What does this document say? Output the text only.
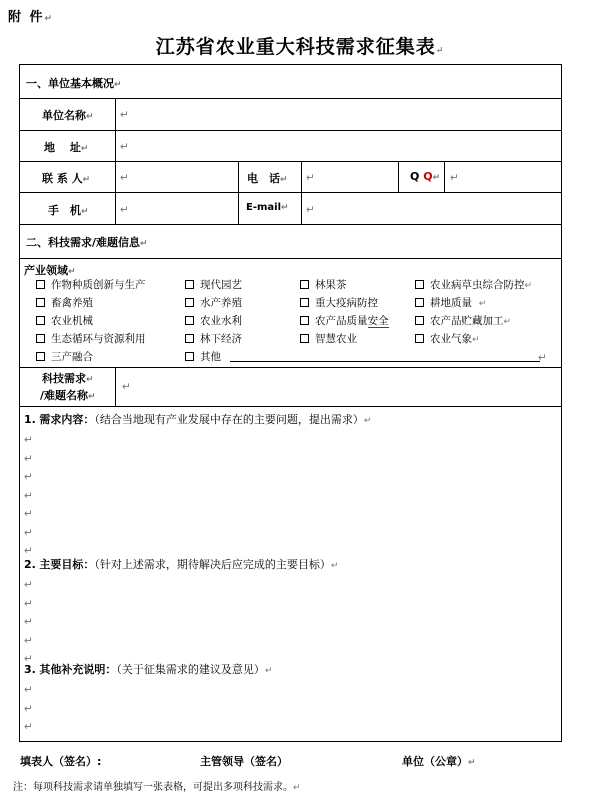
附 件↵
江苏省农业重大科技需求征集表↵
一、单位基本概况↵
单位名称↵	↵
地　 址↵	↵
联 系 人↵	↵	电　话↵ ↵	Q Q↵ ↵
手　机↵	↵	E-mail↵ ↵
二、科技需求/难题信息↵
产业领域↵
作物种质创新与生产	现代园艺	林果茶	农业病草虫综合防控↵
畜禽养殖	水产养殖	重大疫病防控	耕地质量 ↵
农业机械	农业水利	农产品质量安全	农产品贮藏加工↵
生态循环与资源利用	林下经济	智慧农业	农业气象↵
三产融合	其他	↵
科技需求↵
/难题名称↵
↵
1. 需求内容：（结合当地现有产业发展中存在的主要问题，提出需求）↵
↵
↵
↵
↵
↵
↵
↵
2. 主要目标：（针对上述需求，期待解决后应完成的主要目标）↵
↵
↵
↵
↵
↵
3. 其他补充说明：（关于征集需求的建议及意见）↵
↵
↵
↵
填表人（签名）:	主管领导（签名）	单位（公章）↵
注：每项科技需求请单独填写一张表格，可提出多项科技需求。↵
